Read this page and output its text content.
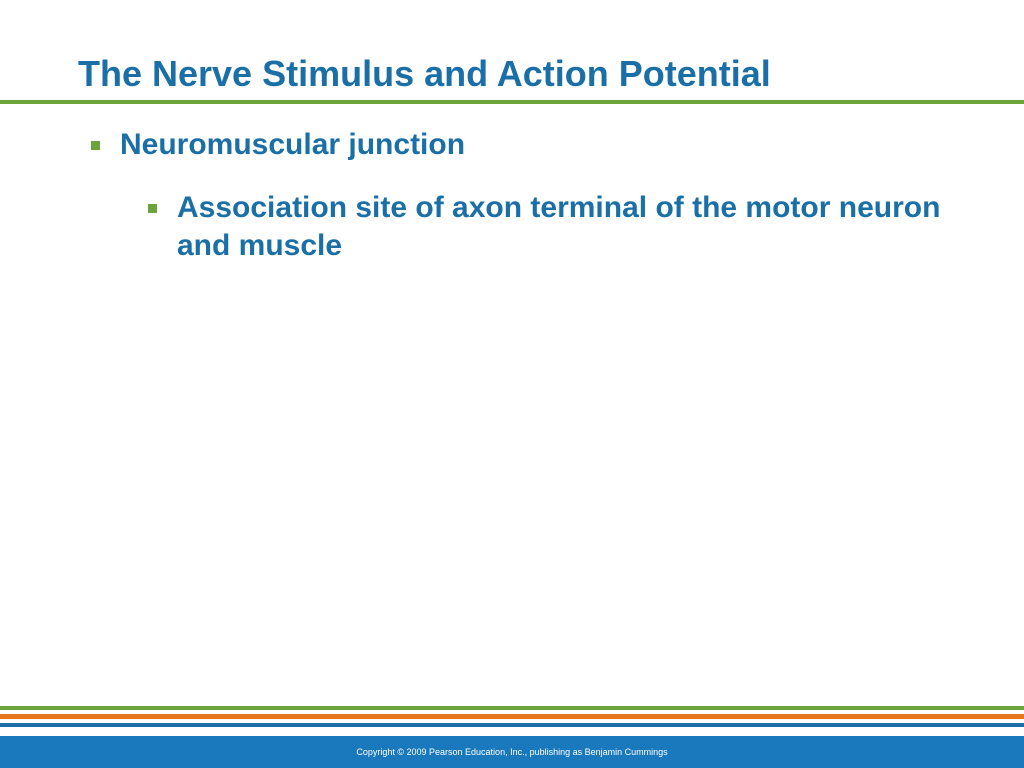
The Nerve Stimulus and Action Potential
Neuromuscular junction
Association site of axon terminal of the motor neuron and muscle
Copyright © 2009 Pearson Education, Inc., publishing as Benjamin Cummings
